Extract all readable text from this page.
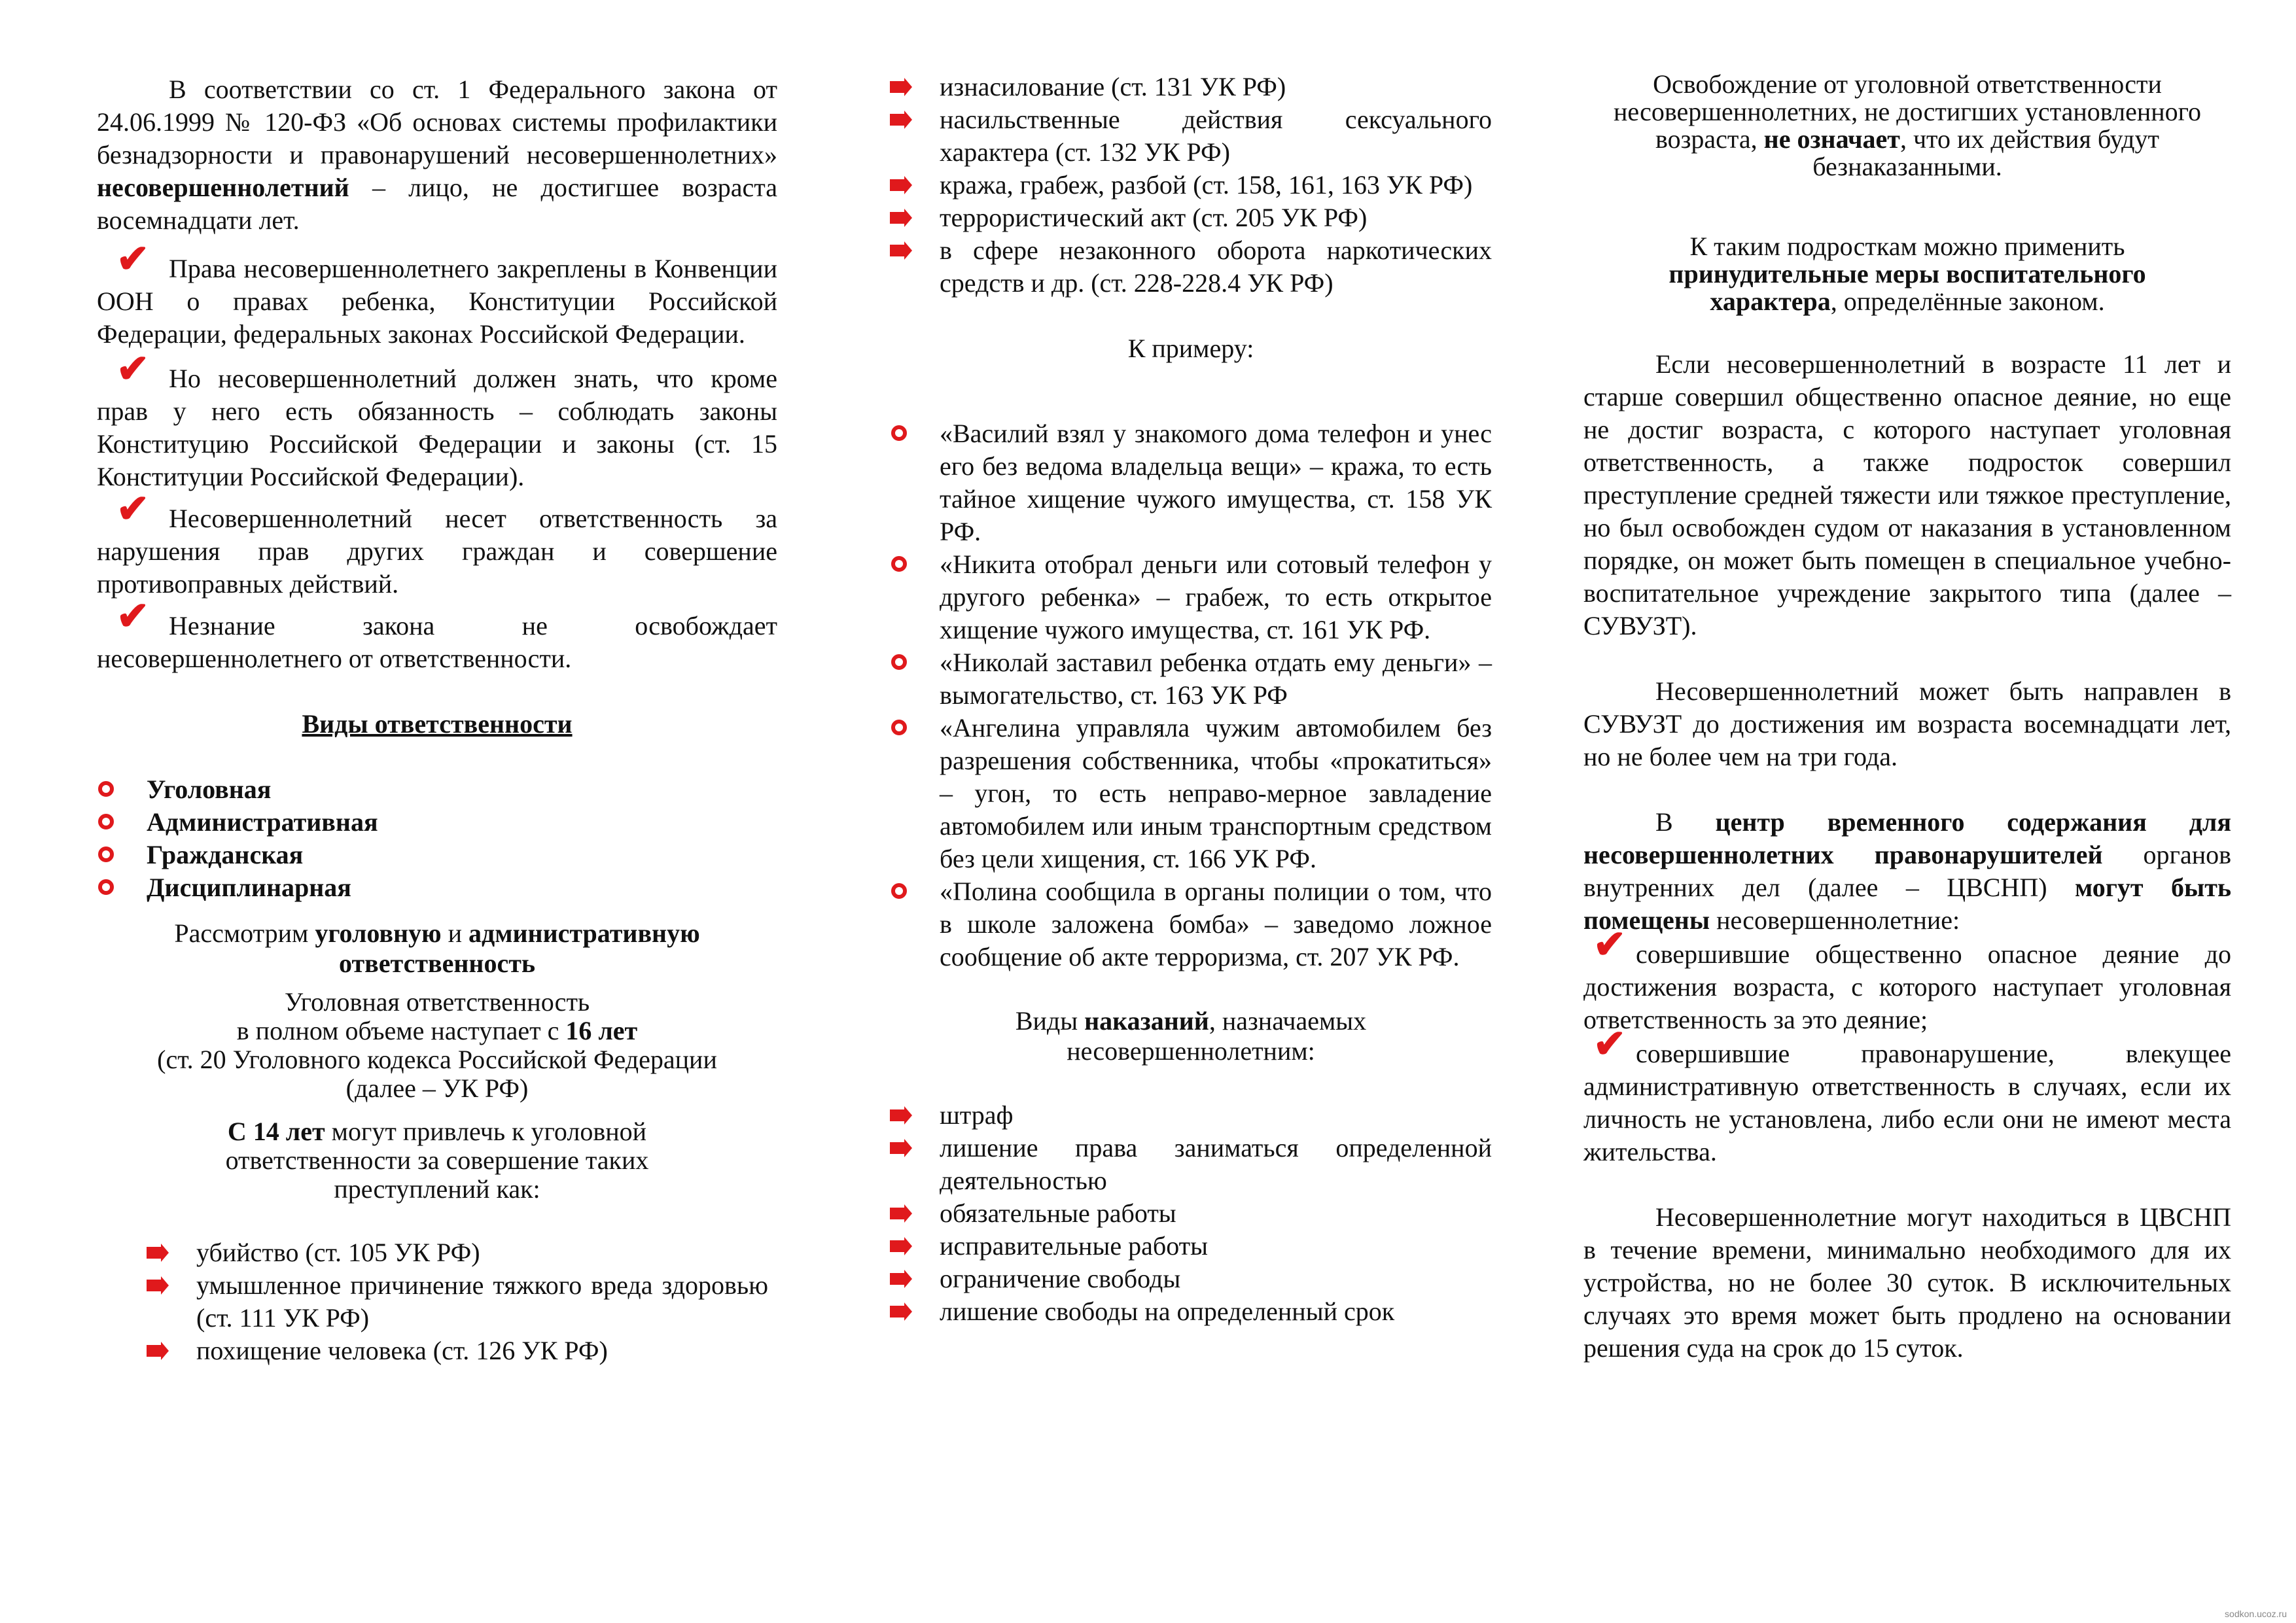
В соответствии со ст. 1 Федерального закона от 24.06.1999 № 120-ФЗ «Об основах системы профилактики безнадзорности и правонарушений несовершеннолетних» несовершеннолетний – лицо, не достигшее возраста восемнадцати лет.

✔ Права несовершеннолетнего закреплены в Конвенции ООН о правах ребенка, Конституции Российской Федерации, федеральных законах Российской Федерации.

✔ Но несовершеннолетний должен знать, что кроме прав у него есть обязанность – соблюдать законы Конституцию Российской Федерации и законы (ст. 15 Конституции Российской Федерации).

✔ Несовершеннолетний несет ответственность за нарушения прав других граждан и совершение противоправных действий.

✔ Незнание закона не освобождает несовершеннолетнего от ответственности.

Виды ответственности

Уголовная
Административная
Гражданская
Дисциплинарная

Рассмотрим уголовную и административную ответственность

Уголовная ответственность
в полном объеме наступает с 16 лет
(ст. 20 Уголовного кодекса Российской Федерации (далее – УК РФ)

С 14 лет могут привлечь к уголовной ответственности за совершение таких преступлений как:

убийство (ст. 105 УК РФ)
умышленное причинение тяжкого вреда здоровью (ст. 111 УК РФ)
похищение человека (ст. 126 УК РФ)
изнасилование (ст. 131 УК РФ)
насильственные действия сексуального характера (ст. 132 УК РФ)
кража, грабеж, разбой (ст. 158, 161, 163 УК РФ)
террористический акт (ст. 205 УК РФ)
в сфере незаконного оборота наркотических средств и др. (ст. 228-228.4 УК РФ)

К примеру:

«Василий взял у знакомого дома телефон и унес его без ведома владельца вещи» – кража, то есть тайное хищение чужого имущества, ст. 158 УК РФ.
«Никита отобрал деньги или сотовый телефон у другого ребенка» – грабеж, то есть открытое хищение чужого имущества, ст. 161 УК РФ.
«Николай заставил ребенка отдать ему деньги» – вымогательство, ст. 163 УК РФ
«Ангелина управляла чужим автомобилем без разрешения собственника, чтобы «прокатиться» – угон, то есть неправо-мерное завладение автомобилем или иным транспортным средством без цели хищения, ст. 166 УК РФ.
«Полина сообщила в органы полиции о том, что в школе заложена бомба» – заведомо ложное сообщение об акте терроризма, ст. 207 УК РФ.

Виды наказаний, назначаемых несовершеннолетним:

штраф
лишение права заниматься определенной деятельностью
обязательные работы
исправительные работы
ограничение свободы
лишение свободы на определенный срок

Освобождение от уголовной ответственности несовершеннолетних, не достигших установленного возраста, не означает, что их действия будут безнаказанными.

К таким подросткам можно применить принудительные меры воспитательного характера, определённые законом.

Если несовершеннолетний в возрасте 11 лет и старше совершил общественно опасное деяние, но еще не достиг возраста, с которого наступает уголовная ответственность, а также подросток совершил преступление средней тяжести или тяжкое преступление, но был освобожден судом от наказания в установленном порядке, он может быть помещен в специальное учебно-воспитательное учреждение закрытого типа (далее – СУВУЗТ).

Несовершеннолетний может быть направлен в СУВУЗТ до достижения им возраста восемнадцати лет, но не более чем на три года.

В центр временного содержания для несовершеннолетних правонарушителей органов внутренних дел (далее – ЦВСНП) могут быть помещены несовершеннолетние:

✔ совершившие общественно опасное деяние до достижения возраста, с которого наступает уголовная ответственность за это деяние;

✔ совершившие правонарушение, влекущее административную ответственность в случаях, если их личность не установлена, либо если они не имеют места жительства.

Несовершеннолетние могут находиться в ЦВСНП в течение времени, минимально необходимого для их устройства, но не более 30 суток. В исключительных случаях это время может быть продлено на основании решения суда на срок до 15 суток.

sodkon.ucoz.ru
